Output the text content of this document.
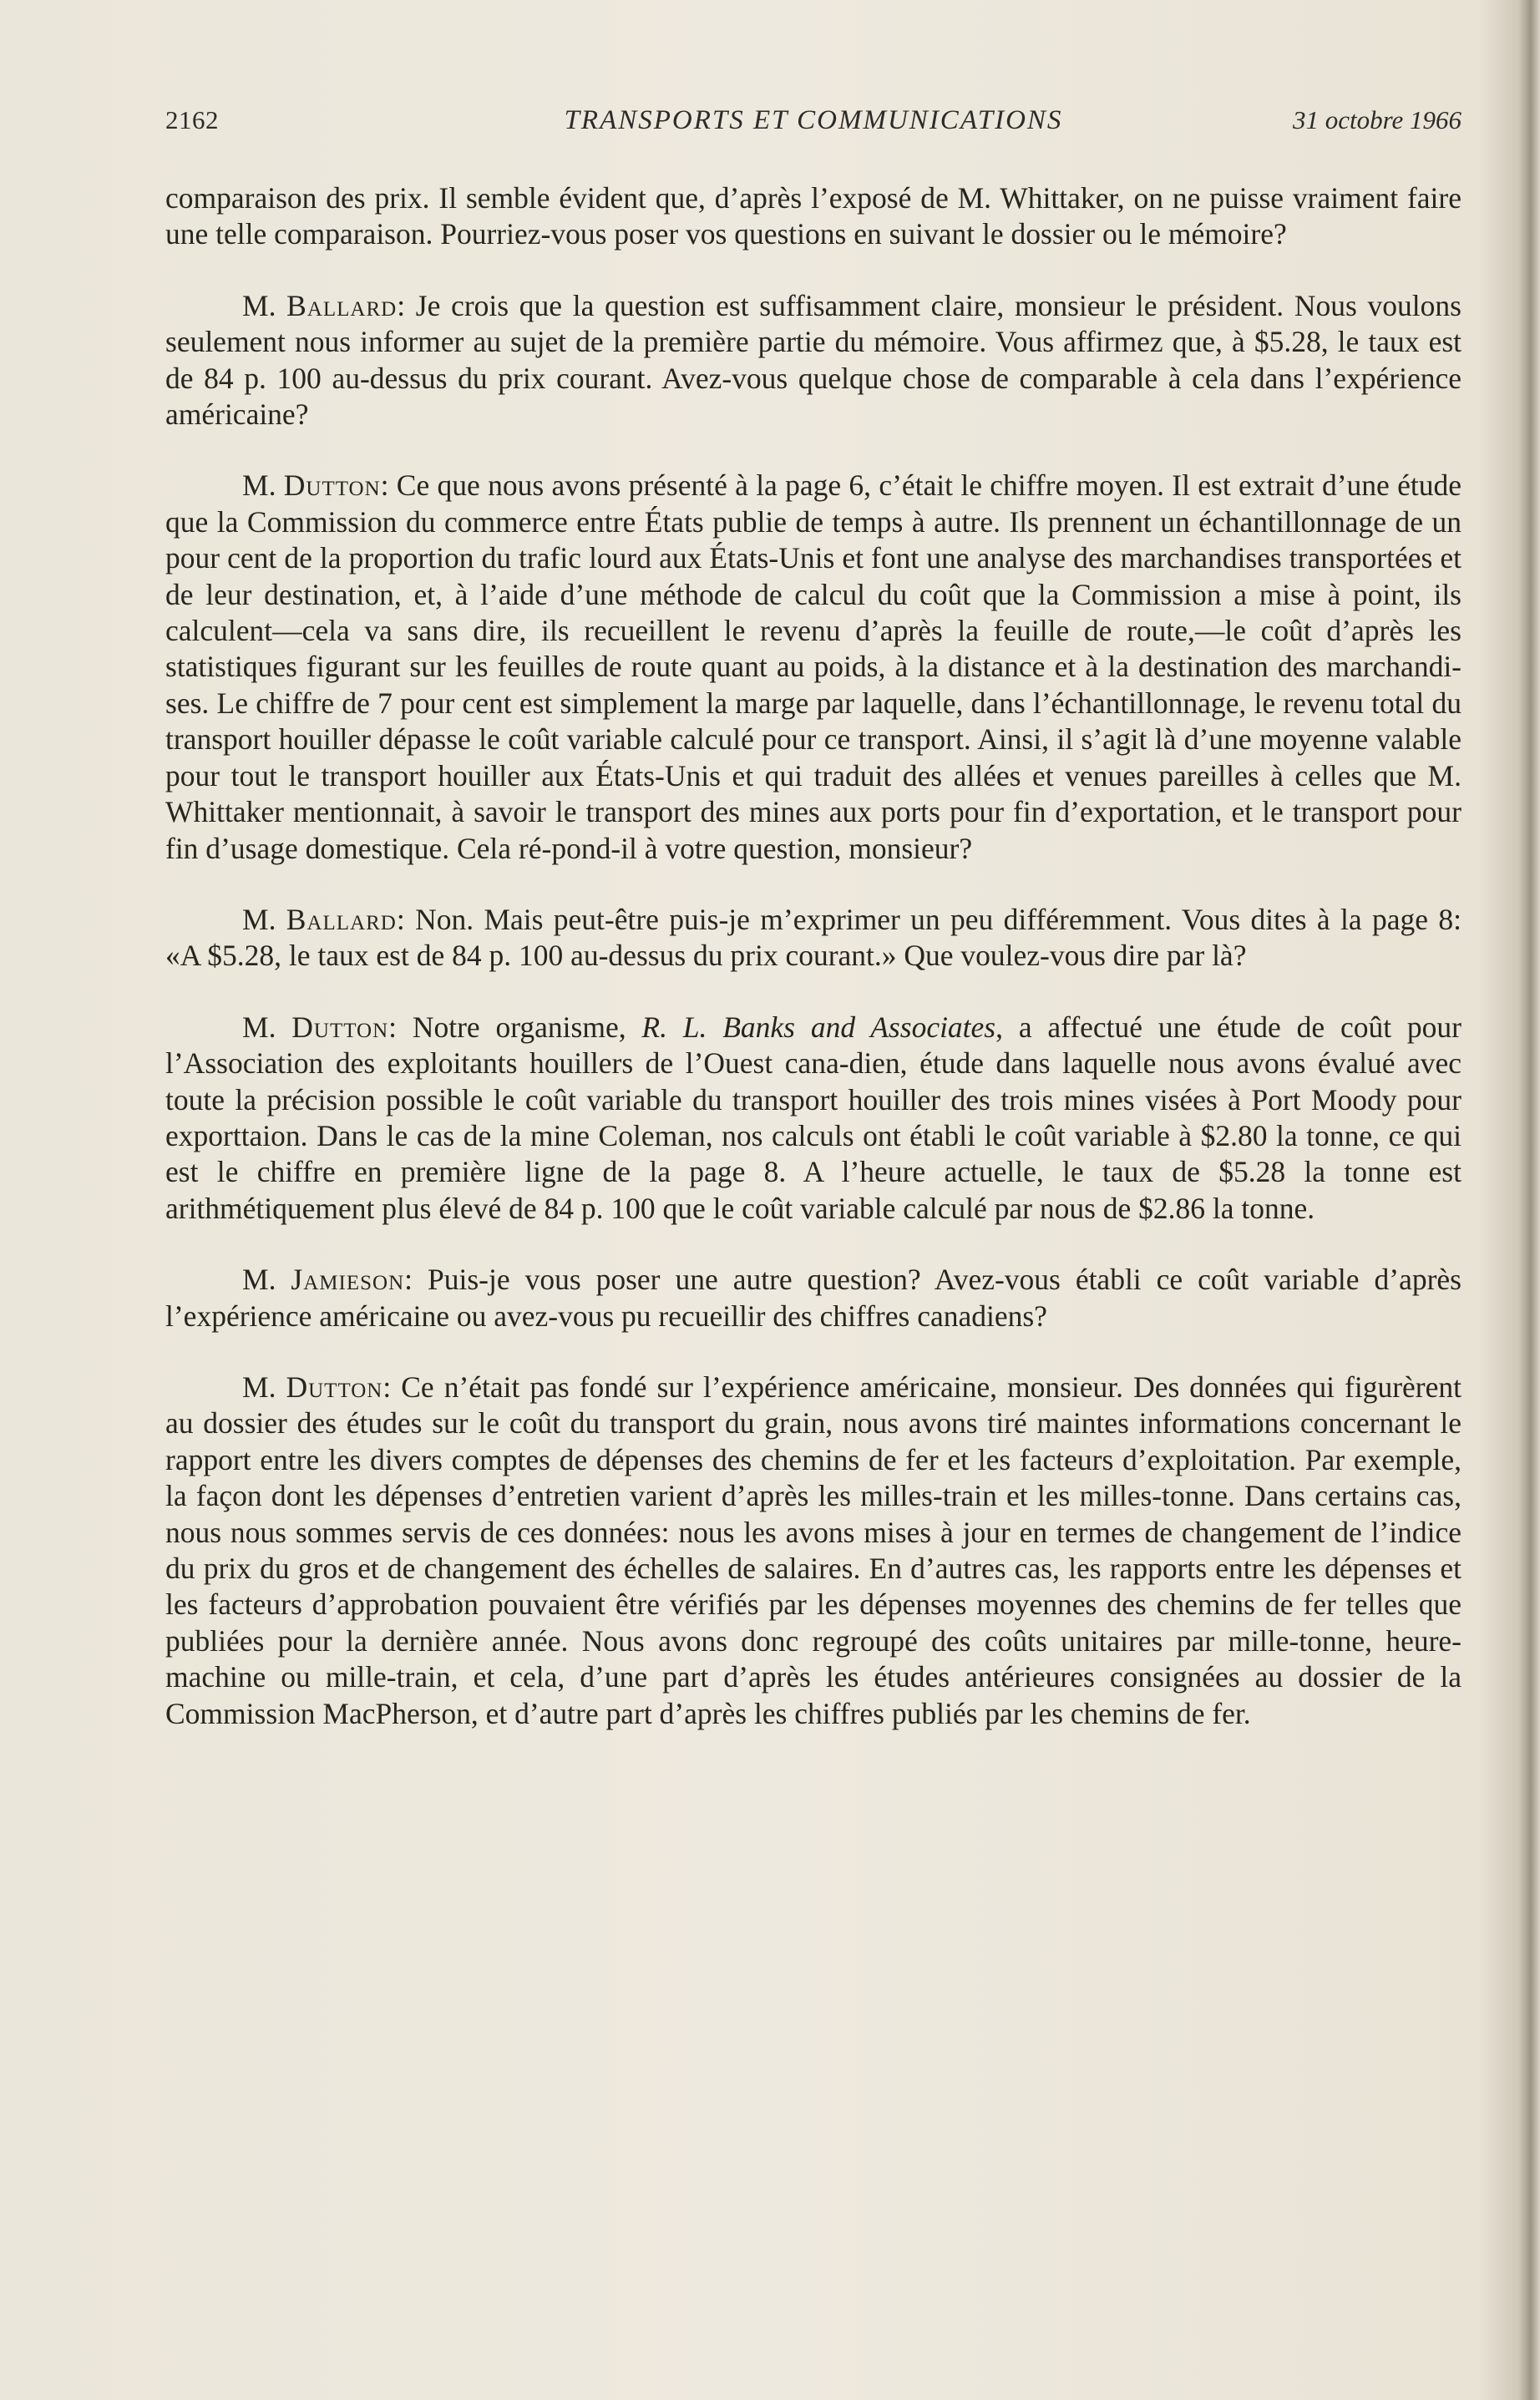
2162	TRANSPORTS ET COMMUNICATIONS	31 octobre 1966

comparaison des prix. Il semble évident que, d’après l’exposé de M. Whittaker, on ne puisse vraiment faire une telle comparaison. Pourriez-vous poser vos questions en suivant le dossier ou le mémoire?

M. Ballard: Je crois que la question est suffisamment claire, monsieur le président. Nous voulons seulement nous informer au sujet de la première partie du mémoire. Vous affirmez que, à $5.28, le taux est de 84 p. 100 au-dessus du prix courant. Avez-vous quelque chose de comparable à cela dans l’expérience américaine?

M. Dutton: Ce que nous avons présenté à la page 6, c’était le chiffre moyen. Il est extrait d’une étude que la Commission du commerce entre États publie de temps à autre. Ils prennent un échantillonnage de un pour cent de la proportion du trafic lourd aux États-Unis et font une analyse des marchandises transportées et de leur destination, et, à l’aide d’une méthode de calcul du coût que la Commission a mise à point, ils calculent—cela va sans dire, ils recueillent le revenu d’après la feuille de route,—le coût d’après les statistiques figurant sur les feuilles de route quant au poids, à la distance et à la destination des marchandi-ses. Le chiffre de 7 pour cent est simplement la marge par laquelle, dans l’échantillonnage, le revenu total du transport houiller dépasse le coût variable calculé pour ce transport. Ainsi, il s’agit là d’une moyenne valable pour tout le transport houiller aux États-Unis et qui traduit des allées et venues pareilles à celles que M. Whittaker mentionnait, à savoir le transport des mines aux ports pour fin d’exportation, et le transport pour fin d’usage domestique. Cela ré-pond-il à votre question, monsieur?

M. Ballard: Non. Mais peut-être puis-je m’exprimer un peu différemment. Vous dites à la page 8: «A $5.28, le taux est de 84 p. 100 au-dessus du prix courant.» Que voulez-vous dire par là?

M. Dutton: Notre organisme, R. L. Banks and Associates, a affectué une étude de coût pour l’Association des exploitants houillers de l’Ouest cana-dien, étude dans laquelle nous avons évalué avec toute la précision possible le coût variable du transport houiller des trois mines visées à Port Moody pour exporttaion. Dans le cas de la mine Coleman, nos calculs ont établi le coût variable à $2.80 la tonne, ce qui est le chiffre en première ligne de la page 8. A l’heure actuelle, le taux de $5.28 la tonne est arithmétiquement plus élevé de 84 p. 100 que le coût variable calculé par nous de $2.86 la tonne.

M. Jamieson: Puis-je vous poser une autre question? Avez-vous établi ce coût variable d’après l’expérience américaine ou avez-vous pu recueillir des chiffres canadiens?

M. Dutton: Ce n’était pas fondé sur l’expérience américaine, monsieur. Des données qui figurèrent au dossier des études sur le coût du transport du grain, nous avons tiré maintes informations concernant le rapport entre les divers comptes de dépenses des chemins de fer et les facteurs d’exploitation. Par exemple, la façon dont les dépenses d’entretien varient d’après les milles-train et les milles-tonne. Dans certains cas, nous nous sommes servis de ces données: nous les avons mises à jour en termes de changement de l’indice du prix du gros et de changement des échelles de salaires. En d’autres cas, les rapports entre les dépenses et les facteurs d’approbation pouvaient être vérifiés par les dépenses moyennes des chemins de fer telles que publiées pour la dernière année. Nous avons donc regroupé des coûts unitaires par mille-tonne, heure-machine ou mille-train, et cela, d’une part d’après les études antérieures consignées au dossier de la Commission MacPherson, et d’autre part d’après les chiffres publiés par les chemins de fer.
